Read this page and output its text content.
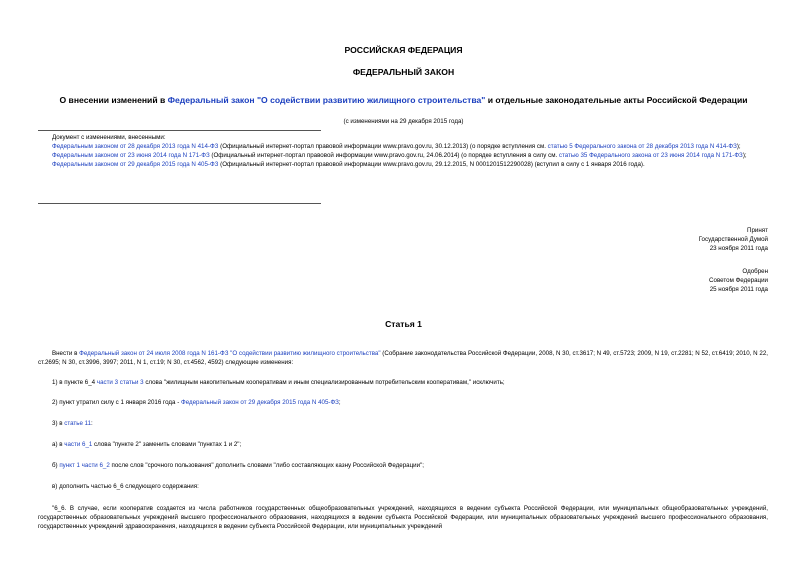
РОССИЙСКАЯ ФЕДЕРАЦИЯ
ФЕДЕРАЛЬНЫЙ ЗАКОН
О внесении изменений в Федеральный закон "О содействии развитию жилищного строительства" и отдельные законодательные акты Российской Федерации
(с изменениями на 29 декабря 2015 года)

Документ с изменениями, внесенными:

Федеральным законом от 28 декабря 2013 года N 414-ФЗ (Официальный интернет-портал правовой информации www.pravo.gov.ru, 30.12.2013) (о порядке вступления см. статью 5 Федерального закона от 28 декабря 2013 года N 414-ФЗ);

Федеральным законом от 23 июня 2014 года N 171-ФЗ (Официальный интернет-портал правовой информации www.pravo.gov.ru, 24.06.2014) (о порядке вступления в силу см. статью 35 Федерального закона от 23 июня 2014 года N 171-ФЗ);

Федеральным законом от 29 декабря 2015 года N 405-ФЗ (Официальный интернет-портал правовой информации www.pravo.gov.ru, 29.12.2015, N 0001201512290028) (вступил в силу с 1 января 2016 года).

Принят
Государственной Думой
23 ноября 2011 года
Одобрен
Советом Федерации
25 ноября 2011 года
Статья 1
Внести в Федеральный закон от 24 июля 2008 года N 161-ФЗ "О содействии развитию жилищного строительства" (Собрание законодательства Российской Федерации, 2008, N 30, ст.3617; N 49, ст.5723; 2009, N 19, ст.2281; N 52, ст.6419; 2010, N 22, ст.2695; N 30, ст.3996, 3997; 2011, N 1, ст.19; N 30, ст.4562, 4592) следующие изменения:
1) в пункте 6_4 части 3 статьи 3 слова "жилищным накопительным кооперативам и иным специализированным потребительским кооперативам," исключить;
2) пункт утратил силу с 1 января 2016 года - Федеральный закон от 29 декабря 2015 года N 405-ФЗ;
3) в статье 11:
а) в части 6_1 слова "пункте 2" заменить словами "пунктах 1 и 2";
б) пункт 1 части 6_2 после слов "срочного пользования" дополнить словами "либо составляющих казну Российской Федерации";
в) дополнить частью 6_6 следующего содержания:
"6_6. В случае, если кооператив создается из числа работников государственных общеобразовательных учреждений, находящихся в ведении субъекта Российской Федерации, или муниципальных общеобразовательных учреждений, государственных образовательных учреждений высшего профессионального образования, находящихся в ведении субъекта Российской Федерации, или муниципальных образовательных учреждений высшего профессионального образования, государственных учреждений здравоохранения, находящихся в ведении субъекта Российской Федерации, или муниципальных учреждений
